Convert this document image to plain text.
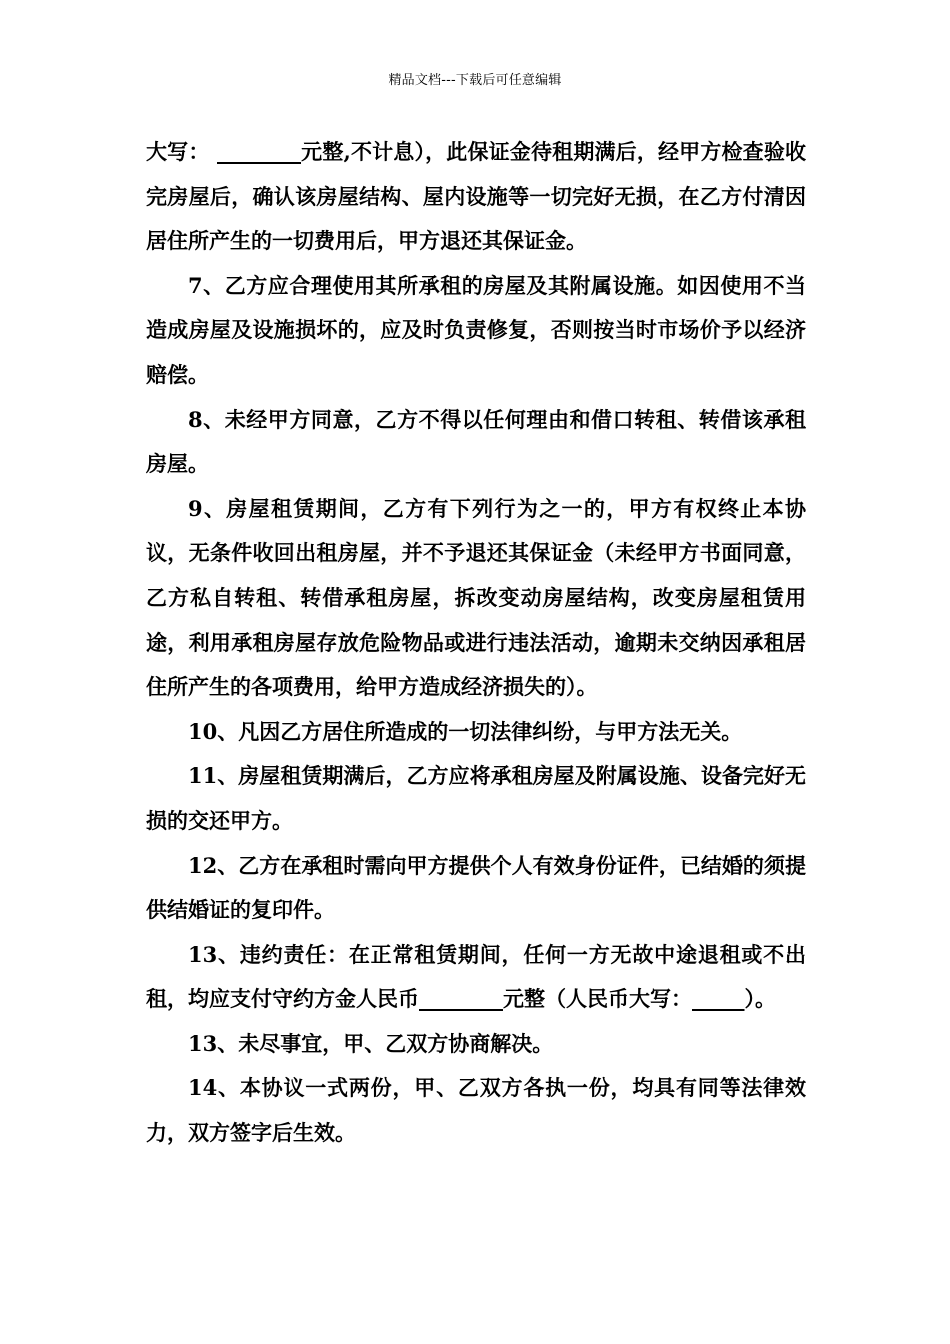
精品文档---下载后可任意编辑

大写： ________元整,不计息），此保证金待租期满后，经甲方检查验收完房屋后，确认该房屋结构、屋内设施等一切完好无损，在乙方付清因居住所产生的一切费用后，甲方退还其保证金。

7、乙方应合理使用其所承租的房屋及其附属设施。如因使用不当造成房屋及设施损坏的，应及时负责修复，否则按当时市场价予以经济赔偿。

8、未经甲方同意，乙方不得以任何理由和借口转租、转借该承租房屋。

9、房屋租赁期间，乙方有下列行为之一的，甲方有权终止本协议，无条件收回出租房屋，并不予退还其保证金（未经甲方书面同意，乙方私自转租、转借承租房屋，拆改变动房屋结构，改变房屋租赁用途，利用承租房屋存放危险物品或进行违法活动，逾期未交纳因承租居住所产生的各项费用，给甲方造成经济损失的）。

10、凡因乙方居住所造成的一切法律纠纷，与甲方法无关。

11、房屋租赁期满后，乙方应将承租房屋及附属设施、设备完好无损的交还甲方。

12、乙方在承租时需向甲方提供个人有效身份证件，已结婚的须提供结婚证的复印件。

13、违约责任：在正常租赁期间，任何一方无故中途退租或不出租，均应支付守约方金人民币________元整（人民币大写：_____）。

13、未尽事宜，甲、乙双方协商解决。

14、本协议一式两份，甲、乙双方各执一份，均具有同等法律效力，双方签字后生效。
